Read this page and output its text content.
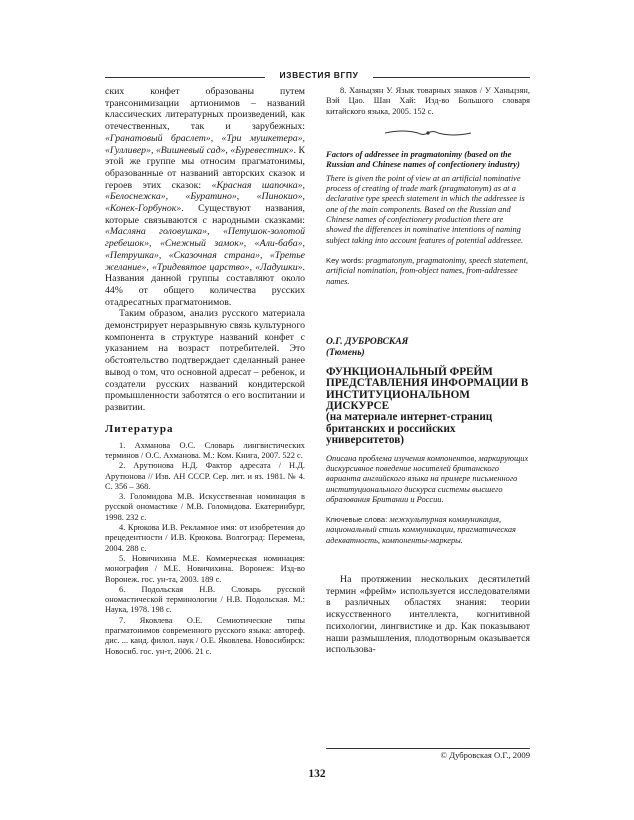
ИЗВЕСТИЯ ВГПУ

ских конфет образованы путем трансонимизации артионимов – названий классических литературных произведений, как отечественных, так и зарубежных: «Гранатовый браслет», «Три мушкетера», «Гулливер», «Вишневый сад», «Буревестник». К этой же группе мы относим прагматонимы, образованные от названий авторских сказок и героев этих сказок: «Красная шапочка», «Белоснежка», «Буратино», «Пинокио», «Конек-Горбунок». Существуют названия, которые связываются с народными сказками: «Масляна головушка», «Петушок-золотой гребешок», «Снежный замок», «Али-баба», «Петрушка», «Сказочная страна», «Третье желание», «Тридевятое царство», «Ладушки». Названия данной группы составляют около 44% от общего количества русских отадресатных прагматонимов.

Таким образом, анализ русского материала демонстрирует неразрывную связь культурного компонента в структуре названий конфет с указанием на возраст потребителей. Это обстоятельство подтверждает сделанный ранее вывод о том, что основной адресат – ребенок, и создатели русских названий кондитерской промышленности заботятся о его воспитании и развитии.

Литература

1. Ахманова О.С. Словарь лингвистических терминов / О.С. Ахманова. М.: Ком. Книга, 2007. 522 с.

2. Арутюнова Н.Д. Фактор адресата / Н.Д. Арутюнова // Изв. АН СССР. Сер. лит. и яз. 1981. № 4. С. 356 – 368.

3. Голомидова М.В. Искусственная номинация в русской ономастике / М.В. Голомидова. Екатеринбург, 1998. 232 с.

4. Крюкова И.В. Рекламное имя: от изобретения до прецедентности / И.В. Крюкова. Волгоград: Перемена, 2004. 288 с.

5. Новичихина М.Е. Коммерческая номинация: монография / М.Е. Новичихина. Воронеж: Изд-во Воронеж. гос. ун-та, 2003. 189 с.

6. Подольская Н.В. Словарь русской ономастической терминологии / Н.В. Подольская. М.: Наука, 1978. 198 с.

7. Яковлева О.Е. Семиотические типы прагматонимов современного русского языка: автореф. дис. ... канд. филол. наук / О.Е. Яковлева. Новосибирск: Новосиб. гос. ун-т, 2006. 21 с.

8. Ханьцзян У. Язык товарных знаков / У Ханьцзян, Вэй Цао. Шан Хай: Изд-во Большого словаря китайского языка, 2005. 152 с.

Factors of addressee in pragmatonimy (based on the Russian and Chinese names of confectionery industry)
There is given the point of view at an artificial nominative process of creating of trade mark (pragmatonym) as at a declarative type speech statement in which the addressee is one of the main components. Based on the Russian and Chinese names of confectionery production there are showed the differences in nominative intentions of naming subject taking into account features of potential addressee.
Key words: pragmatonym, pragmatonimy, speech statement, artificial nomination, from-object names, from-addressee names.
О.Г. ДУБРОВСКАЯ
(Тюмень)
ФУНКЦИОНАЛЬНЫЙ ФРЕЙМ ПРЕДСТАВЛЕНИЯ ИНФОРМАЦИИ В ИНСТИТУЦИОНАЛЬНОМ ДИСКУРСЕ
(на материале интернет-страниц британских и российских университетов)
Описана проблема изучения компонентов, маркирующих дискурсивное поведение носителей британского варианта английского языка на примере письменного институционального дискурса системы высшего образования Британии и России.
Ключевые слова: межкультурная коммуникация, национальный стиль коммуникации, прагматическая адекватность, компоненты-маркеры.

На протяжении нескольких десятилетий термин «фрейм» используется исследователями в различных областях знания: теории искусственного интеллекта, когнитивной психологии, лингвистике и др. Как показывают наши размышления, плодотворным оказывается использова-

© Дубровская О.Г., 2009
132
